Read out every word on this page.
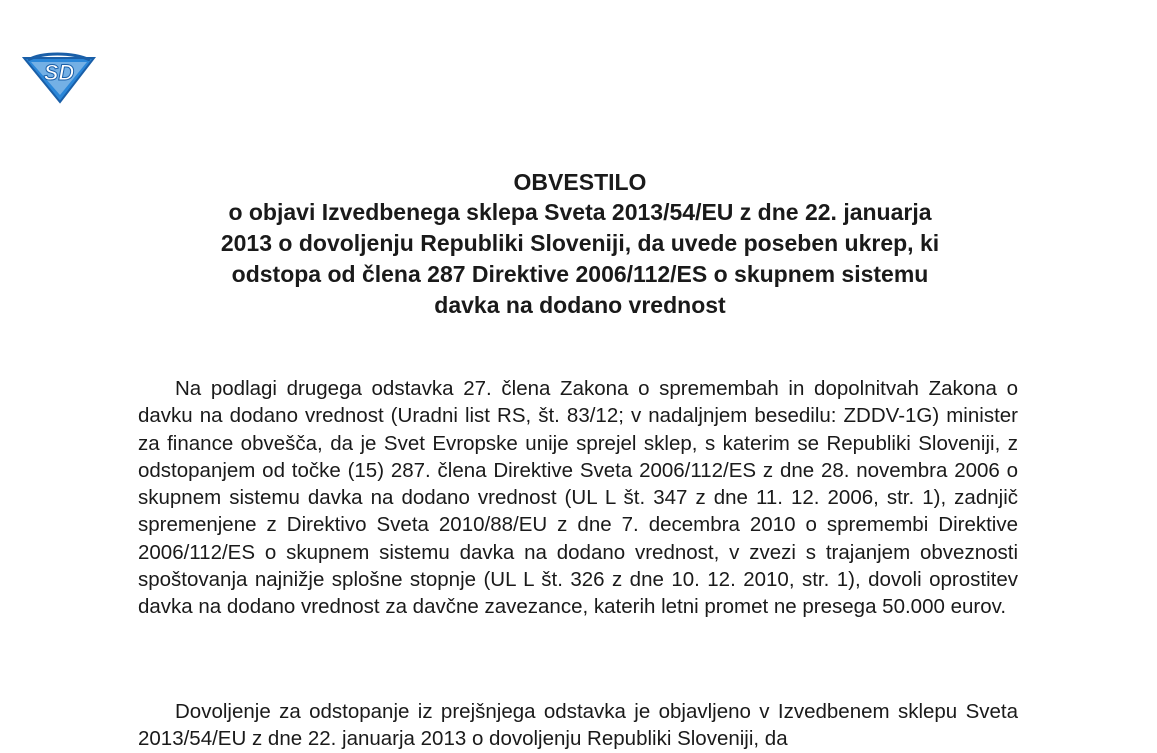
SD
OBVESTILO
o objavi Izvedbenega sklepa Sveta 2013/54/EU z dne 22. januarja
2013 o dovoljenju Republiki Sloveniji, da uvede poseben ukrep, ki
odstopa od člena 287 Direktive 2006/112/ES o skupnem sistemu
davka na dodano vrednost

Na podlagi drugega odstavka 27. člena Zakona o spremembah in dopolnitvah Zakona o davku na dodano vrednost (Uradni list RS, št. 83/12; v nadaljnjem besedilu: ZDDV-1G) minister za finance obvešča, da je Svet Evropske unije sprejel sklep, s katerim se Republiki Sloveniji, z odstopanjem od točke (15) 287. člena Direktive Sveta 2006/112/ES z dne 28. novembra 2006 o skupnem sistemu davka na dodano vrednost (UL L št. 347 z dne 11. 12. 2006, str. 1), zadnjič spremenjene z Direktivo Sveta 2010/88/EU z dne 7. decembra 2010 o spremembi Direktive 2006/112/ES o skupnem sistemu davka na dodano vrednost, v zvezi s trajanjem obveznosti spoštovanja najnižje splošne stopnje (UL L št. 326 z dne 10. 12. 2010, str. 1), dovoli oprostitev davka na dodano vrednost za davčne zavezance, katerih letni promet ne presega 50.000 eurov.

Dovoljenje za odstopanje iz prejšnjega odstavka je objavljeno v Izvedbenem sklepu Sveta 2013/54/EU z dne 22. januarja 2013 o dovoljenju Republiki Sloveniji, da
